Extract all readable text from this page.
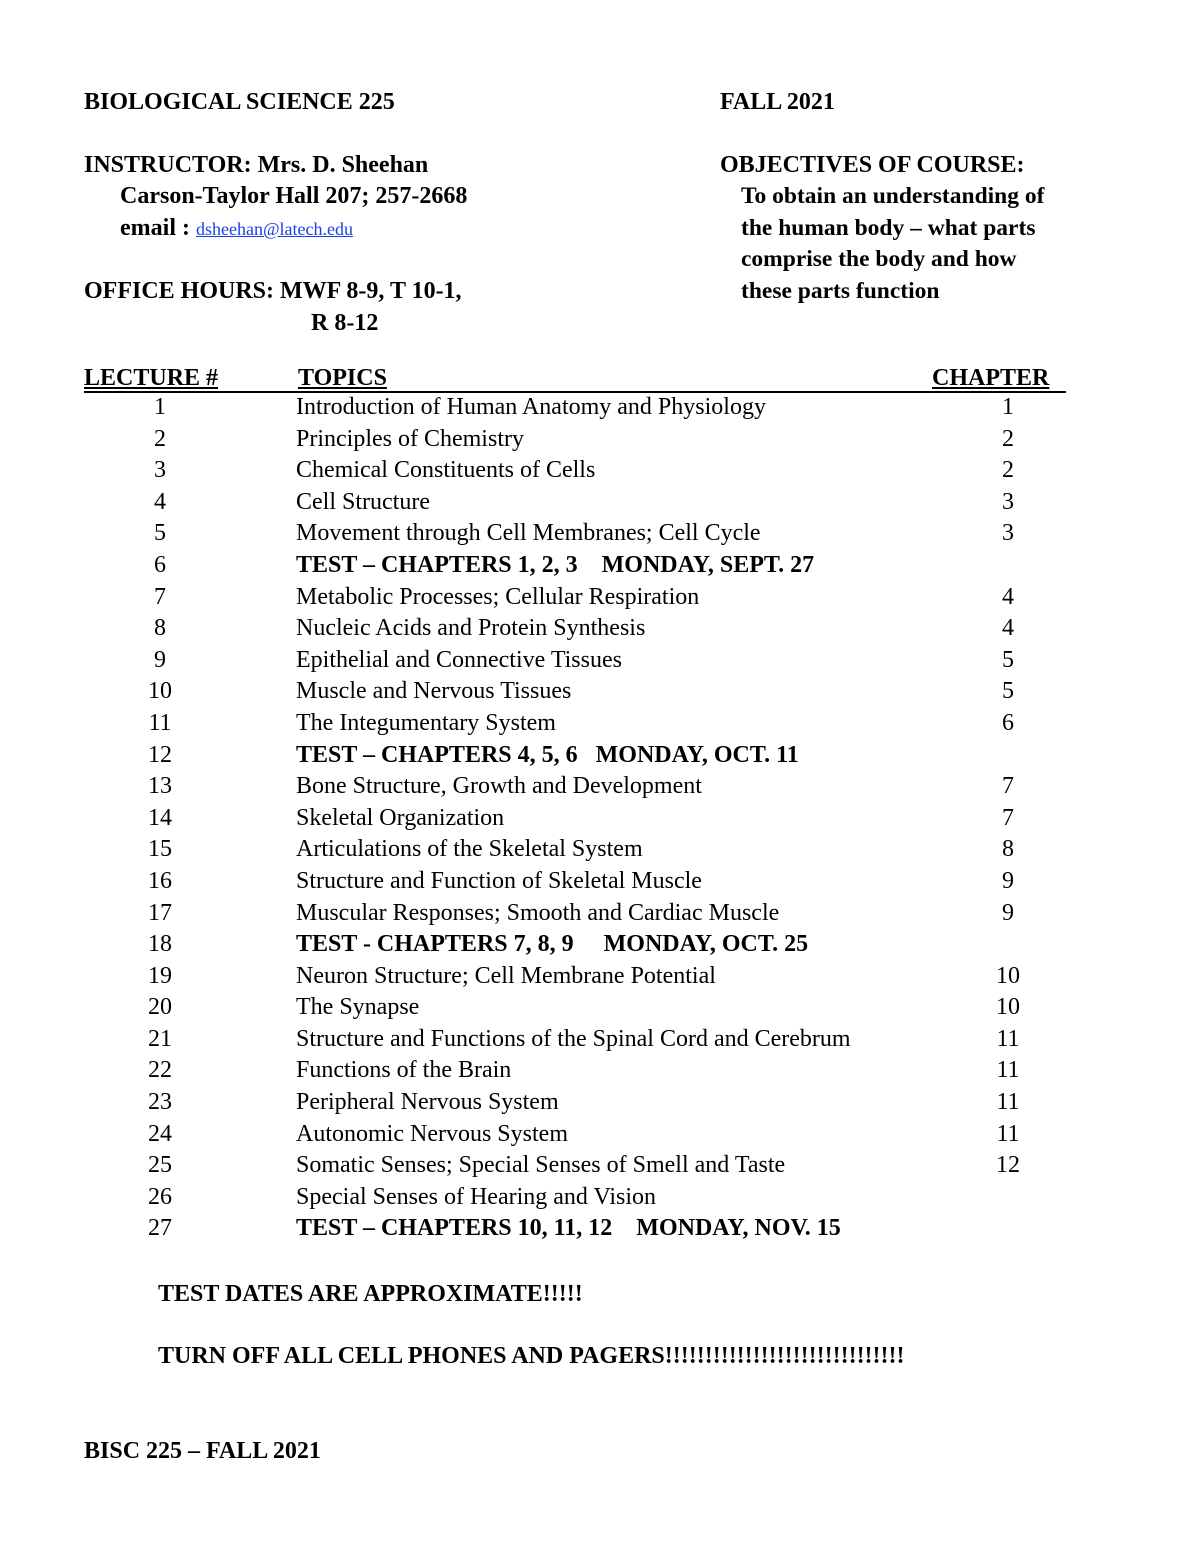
BIOLOGICAL SCIENCE 225	FALL 2021
INSTRUCTOR: Mrs. D. Sheehan
Carson-Taylor Hall 207; 257-2668
email : dsheehan@latech.edu
OFFICE HOURS: MWF 8-9, T 10-1,
R 8-12
OBJECTIVES OF COURSE:
To obtain an understanding of
the human body – what parts
comprise the body and how
these parts function
LECTURE #	TOPICS	CHAPTER
1	Introduction of Human Anatomy and Physiology	1
2	Principles of Chemistry	2
3	Chemical Constituents of Cells	2
4	Cell Structure	3
5	Movement through Cell Membranes; Cell Cycle	3
6	TEST – CHAPTERS 1, 2, 3    MONDAY, SEPT. 27
7	Metabolic Processes; Cellular Respiration	4
8	Nucleic Acids and Protein Synthesis	4
9	Epithelial and Connective Tissues	5
10	Muscle and Nervous Tissues	5
11	The Integumentary System	6
12	TEST – CHAPTERS 4, 5, 6   MONDAY, OCT. 11
13	Bone Structure, Growth and Development	7
14	Skeletal Organization	7
15	Articulations of the Skeletal System	8
16	Structure and Function of Skeletal Muscle	9
17	Muscular Responses; Smooth and Cardiac Muscle	9
18	TEST - CHAPTERS 7, 8, 9     MONDAY, OCT. 25
19	Neuron Structure; Cell Membrane Potential	10
20	The Synapse	10
21	Structure and Functions of the Spinal Cord and Cerebrum	11
22	Functions of the Brain	11
23	Peripheral Nervous System	11
24	Autonomic Nervous System	11
25	Somatic Senses; Special Senses of Smell and Taste	12
26	Special Senses of Hearing and Vision
27	TEST – CHAPTERS 10, 11, 12    MONDAY, NOV. 15
TEST DATES ARE APPROXIMATE!!!!!
TURN OFF ALL CELL PHONES AND PAGERS!!!!!!!!!!!!!!!!!!!!!!!!!!!!!!
BISC 225 – FALL 2021
